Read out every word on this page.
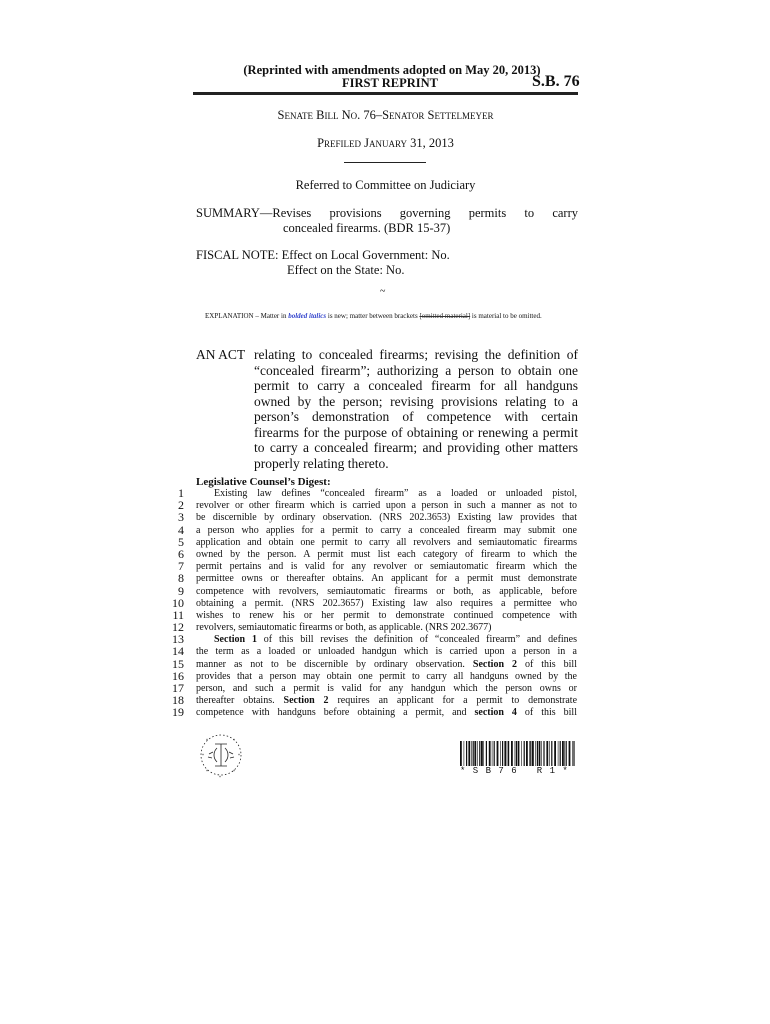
(Reprinted with amendments adopted on May 20, 2013)
FIRST REPRINT	S.B. 76
Senate Bill No. 76–Senator Settelmeyer
Prefiled January 31, 2013
Referred to Committee on Judiciary
SUMMARY—Revises provisions governing permits to carry
concealed firearms. (BDR 15-37)
FISCAL NOTE: Effect on Local Government: No.
Effect on the State: No.
~
EXPLANATION – Matter in bolded italics is new; matter between brackets [omitted material] is material to be omitted.
AN ACT relating to concealed firearms; revising the definition of
“concealed firearm”; authorizing a person to obtain one
permit to carry a concealed firearm for all handguns
owned by the person; revising provisions relating to a
person’s demonstration of competence with certain
firearms for the purpose of obtaining or renewing a permit
to carry a concealed firearm; and providing other matters
properly relating thereto.
Legislative Counsel’s Digest:
1
2
3
4
5
6
7
8
9
10
11
12
13
14
15
16
17
18
19
Existing law defines “concealed firearm” as a loaded or unloaded pistol,
revolver or other firearm which is carried upon a person in such a manner as not to
be discernible by ordinary observation. (NRS 202.3653) Existing law provides that
a person who applies for a permit to carry a concealed firearm may submit one
application and obtain one permit to carry all revolvers and semiautomatic firearms
owned by the person. A permit must list each category of firearm to which the
permit pertains and is valid for any revolver or semiautomatic firearm which the
permittee owns or thereafter obtains. An applicant for a permit must demonstrate
competence with revolvers, semiautomatic firearms or both, as applicable, before
obtaining a permit. (NRS 202.3657) Existing law also requires a permittee who
wishes to renew his or her permit to demonstrate continued competence with
revolvers, semiautomatic firearms or both, as applicable. (NRS 202.3677)
Section 1 of this bill revises the definition of “concealed firearm” and defines
the term as a loaded or unloaded handgun which is carried upon a person in a
manner as not to be discernible by ordinary observation. Section 2 of this bill
provides that a person may obtain one permit to carry all handguns owned by the
person, and such a permit is valid for any handgun which the person owns or
thereafter obtains. Section 2 requires an applicant for a permit to demonstrate
competence with handguns before obtaining a permit, and section 4 of this bill
*	*
*	*
*	*
*
* S B 7 6   R 1 *
